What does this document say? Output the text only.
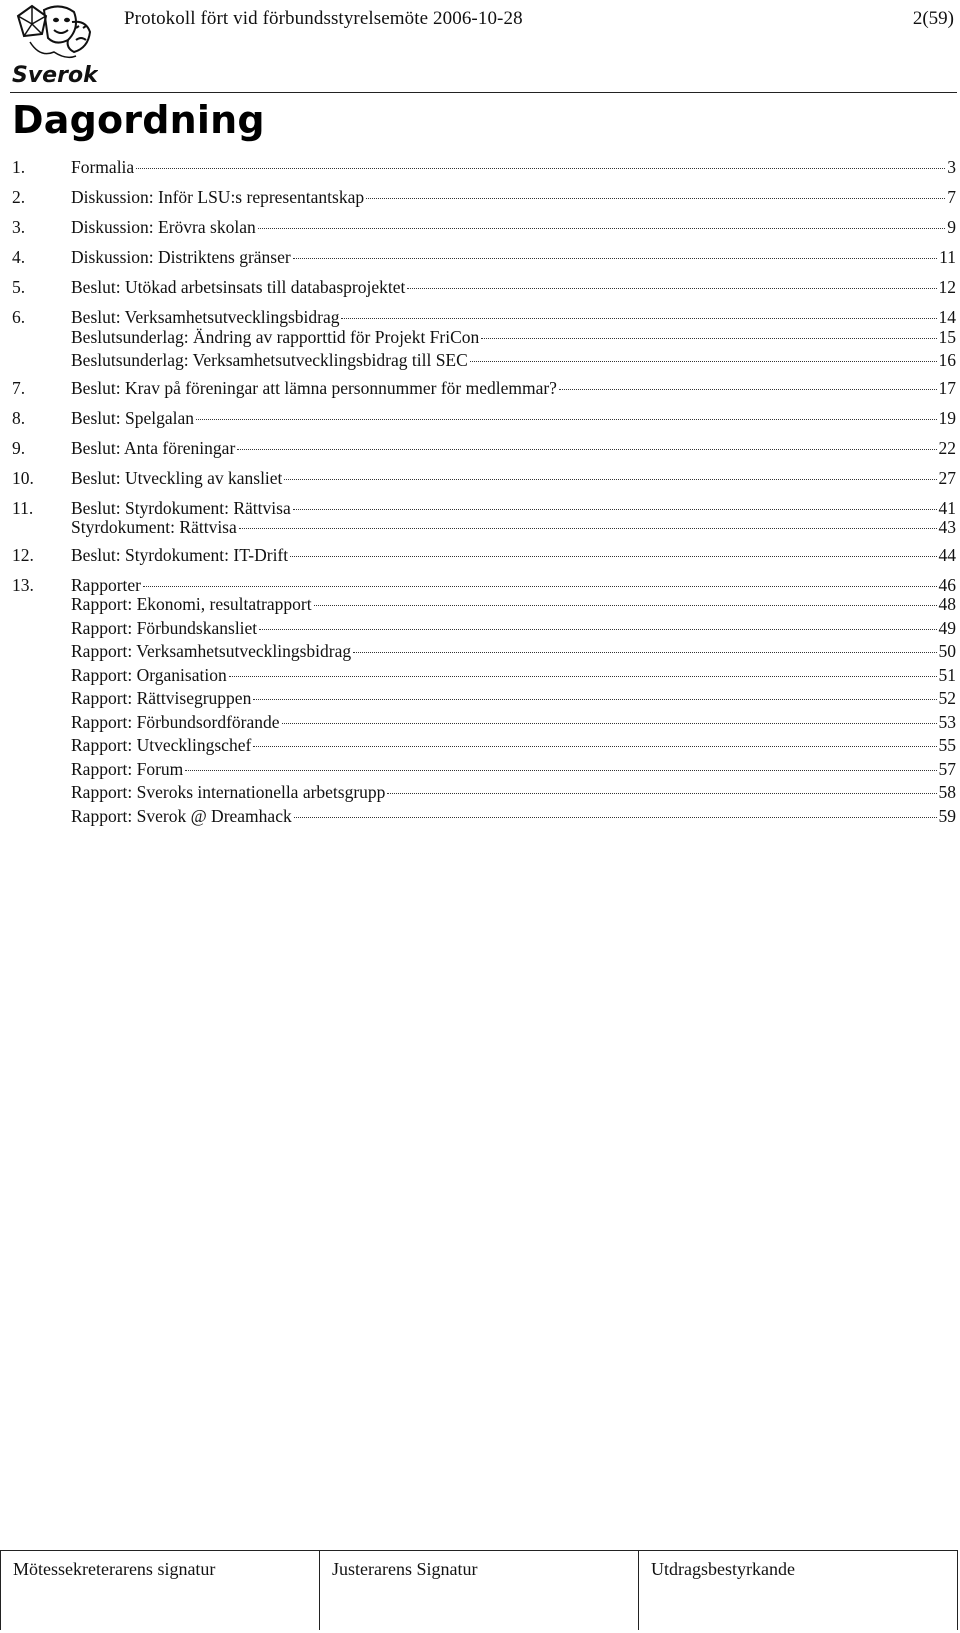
Sverok
Protokoll fört vid förbundsstyrelsemöte 2006-10-28	2(59)
Dagordning
1.	Formalia	3
2.	Diskussion: Inför LSU:s representantskap	7
3.	Diskussion: Erövra skolan	9
4.	Diskussion: Distriktens gränser	11
5.	Beslut: Utökad arbetsinsats till databasprojektet	12
6.	Beslut: Verksamhetsutvecklingsbidrag	14
Beslutsunderlag: Ändring av rapporttid för Projekt FriCon	15
Beslutsunderlag: Verksamhetsutvecklingsbidrag till SEC	16
7.	Beslut: Krav på föreningar att lämna personnummer för medlemmar?	17
8.	Beslut: Spelgalan	19
9.	Beslut: Anta föreningar	22
10.	Beslut: Utveckling av kansliet	27
11.	Beslut: Styrdokument: Rättvisa	41
Styrdokument: Rättvisa	43
12.	Beslut: Styrdokument: IT-Drift	44
13.	Rapporter	46
Rapport: Ekonomi, resultatrapport	48
Rapport: Förbundskansliet	49
Rapport: Verksamhetsutvecklingsbidrag	50
Rapport: Organisation	51
Rapport: Rättvisegruppen	52
Rapport: Förbundsordförande	53
Rapport: Utvecklingschef	55
Rapport: Forum	57
Rapport: Sveroks internationella arbetsgrupp	58
Rapport: Sverok @ Dreamhack	59
Mötessekreterarens signatur	Justerarens Signatur	Utdragsbestyrkande
